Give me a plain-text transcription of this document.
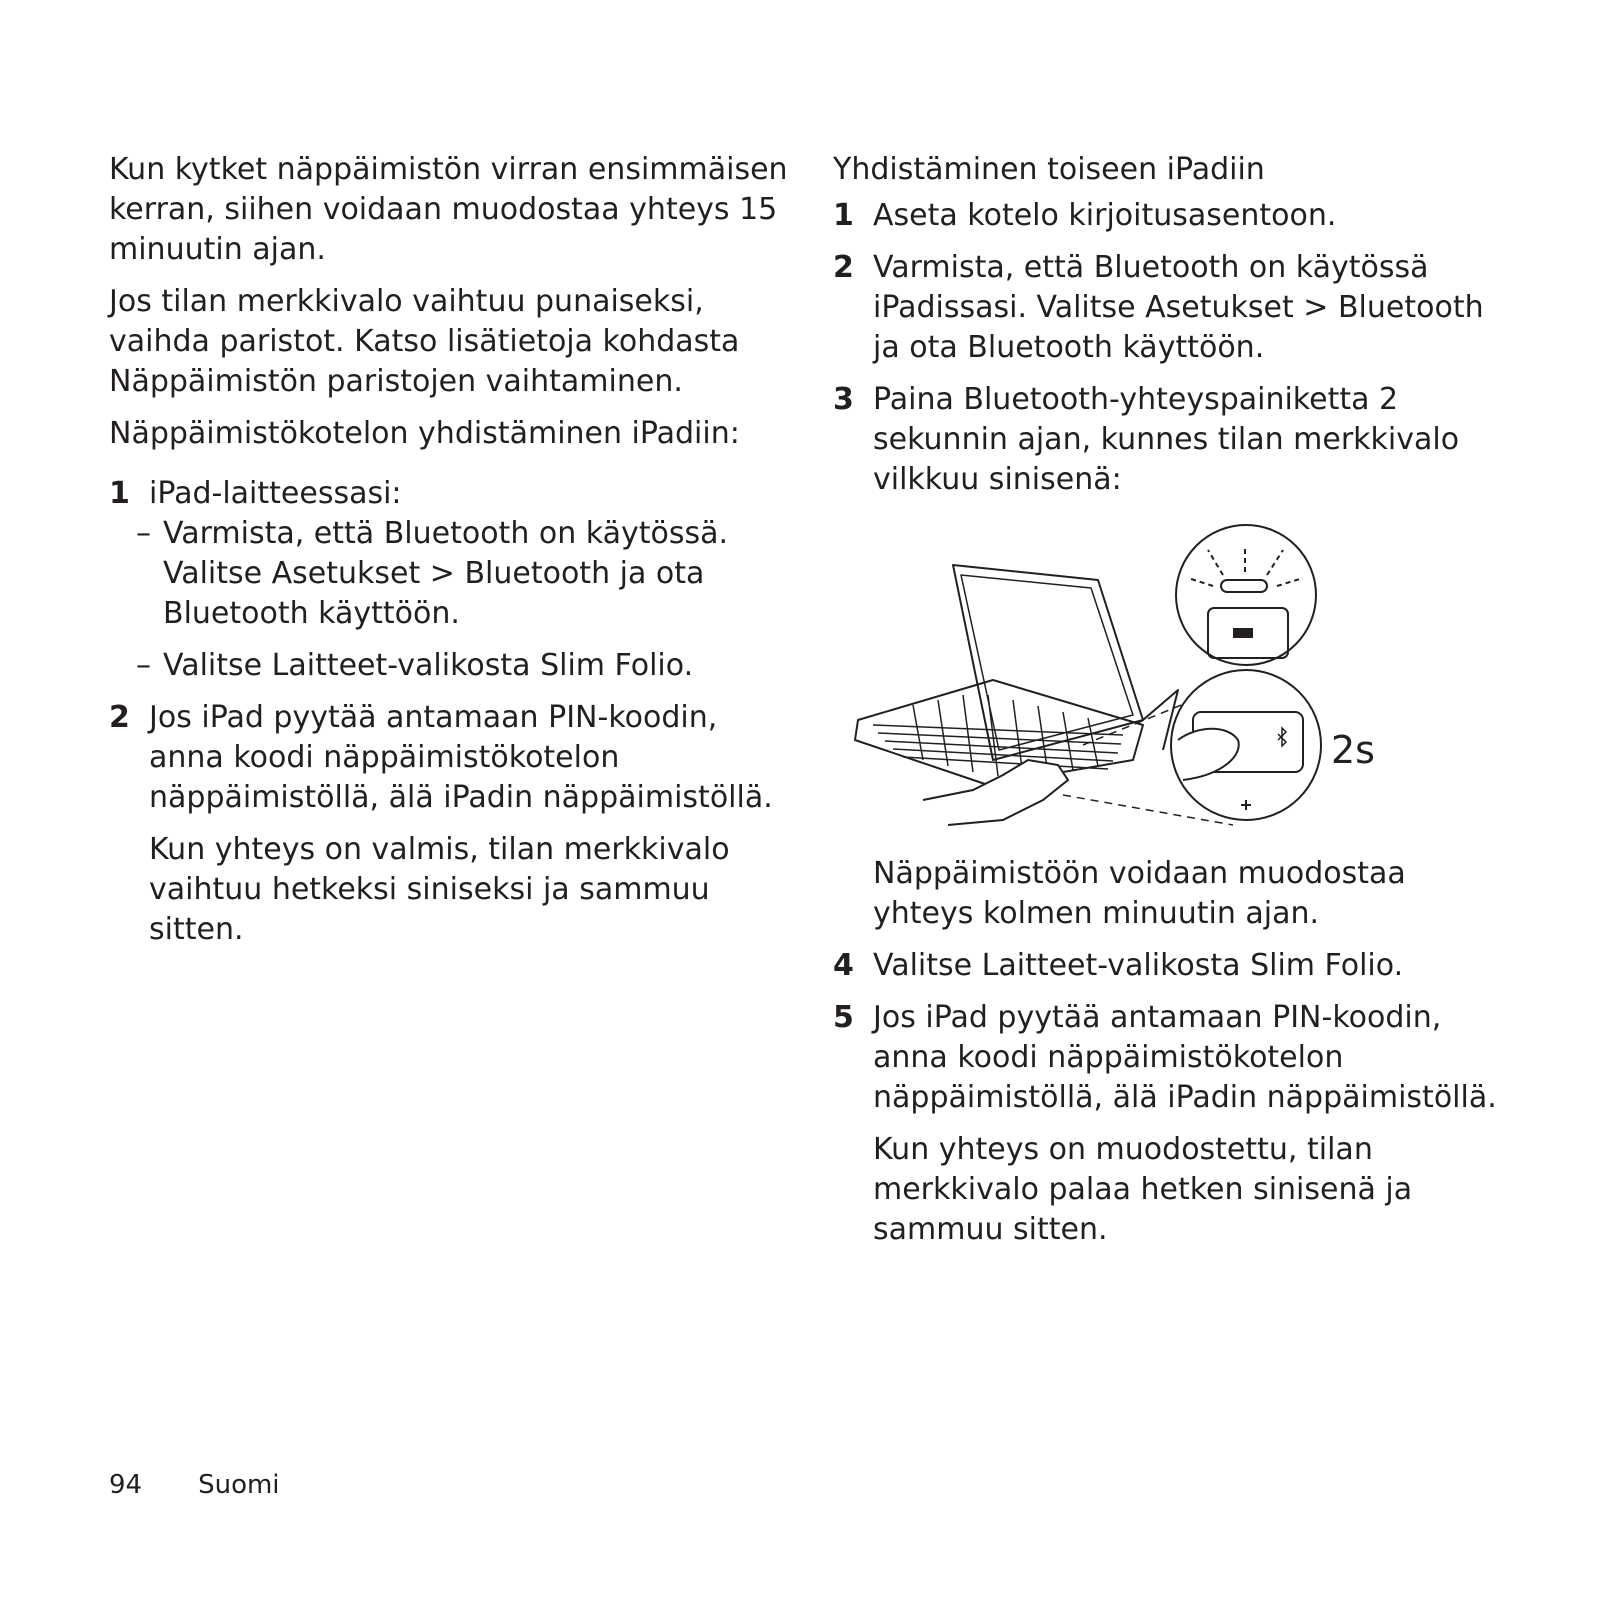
Kun kytket näppäimistön virran ensimmäisen kerran, siihen voidaan muodostaa yhteys 15 minuutin ajan.

Jos tilan merkkivalo vaihtuu punaiseksi, vaihda paristot. Katso lisätietoja kohdasta Näppäimistön paristojen vaihtaminen.

Näppäimistökotelon yhdistäminen iPadiin:

1 iPad-laitteessasi:

– Varmista, että Bluetooth on käytössä. Valitse Asetukset > Bluetooth ja ota Bluetooth käyttöön.

– Valitse Laitteet-valikosta Slim Folio.

2 Jos iPad pyytää antamaan PIN-koodin, anna koodi näppäimistökotelon näppäimistöllä, älä iPadin näppäimistöllä.

Kun yhteys on valmis, tilan merkkivalo vaihtuu hetkeksi siniseksi ja sammuu sitten.

Yhdistäminen toiseen iPadiin

1 Aseta kotelo kirjoitusasentoon.

2 Varmista, että Bluetooth on käytössä iPadissasi. Valitse Asetukset > Bluetooth ja ota Bluetooth käyttöön.

3 Paina Bluetooth-yhteyspainiketta 2 sekunnin ajan, kunnes tilan merkkivalo vilkkuu sinisenä:

2s

Näppäimistöön voidaan muodostaa yhteys kolmen minuutin ajan.

4 Valitse Laitteet-valikosta Slim Folio.

5 Jos iPad pyytää antamaan PIN-koodin, anna koodi näppäimistökotelon näppäimistöllä, älä iPadin näppäimistöllä.

Kun yhteys on muodostettu, tilan merkkivalo palaa hetken sinisenä ja sammuu sitten.

94 Suomi
